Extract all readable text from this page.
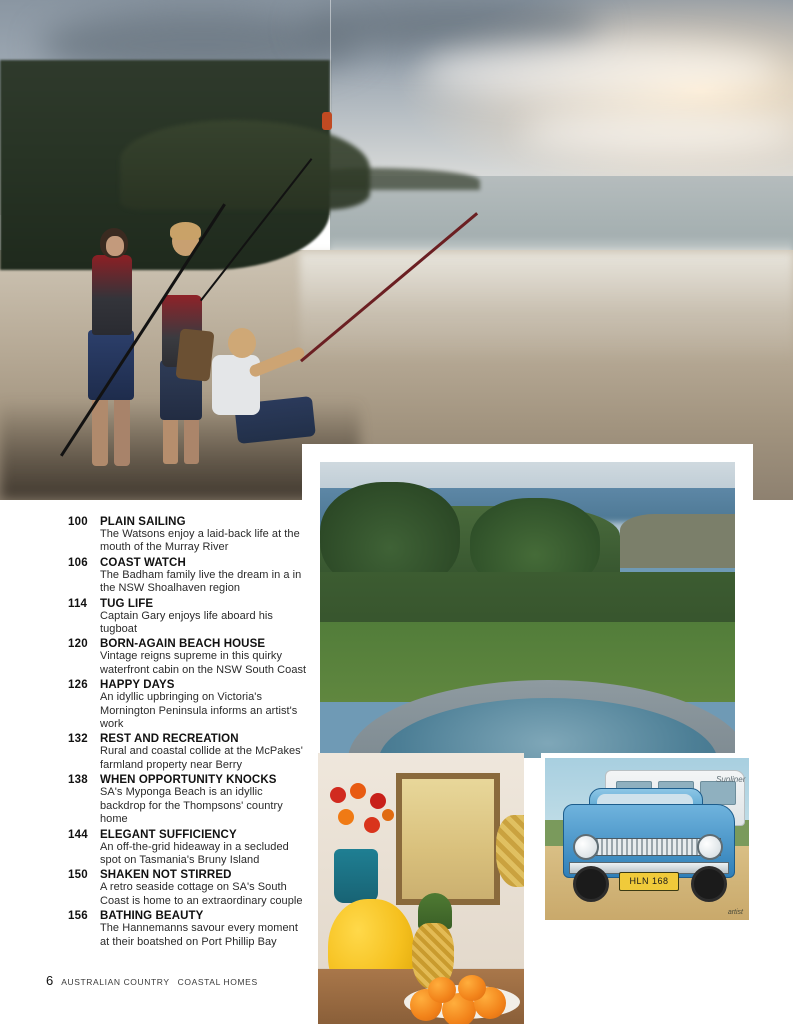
Sunliner
HLN 168
artist
100	PLAIN SAILING
The Watsons enjoy a laid-back life at the mouth of the Murray River
106	COAST WATCH
The Badham family live the dream in a in the NSW Shoalhaven region
114	TUG LIFE
Captain Gary enjoys life aboard his tugboat
120	BORN-AGAIN BEACH HOUSE
Vintage reigns supreme in this quirky waterfront cabin on the NSW South Coast
126	HAPPY DAYS
An idyllic upbringing on Victoria's Mornington Peninsula informs an artist's work
132	REST AND RECREATION
Rural and coastal collide at the McPakes' farmland property near Berry
138	WHEN OPPORTUNITY KNOCKS
SA's Myponga Beach is an idyllic backdrop for the Thompsons' country home
144	ELEGANT SUFFICIENCY
An off-the-grid hideaway in a secluded spot on Tasmania's Bruny Island
150	SHAKEN NOT STIRRED
A retro seaside cottage on SA's South Coast is home to an extraordinary couple
156	BATHING BEAUTY
The Hannemanns savour every moment at their boatshed on Port Phillip Bay
6 AUSTRALIAN COUNTRY COASTAL HOMES
